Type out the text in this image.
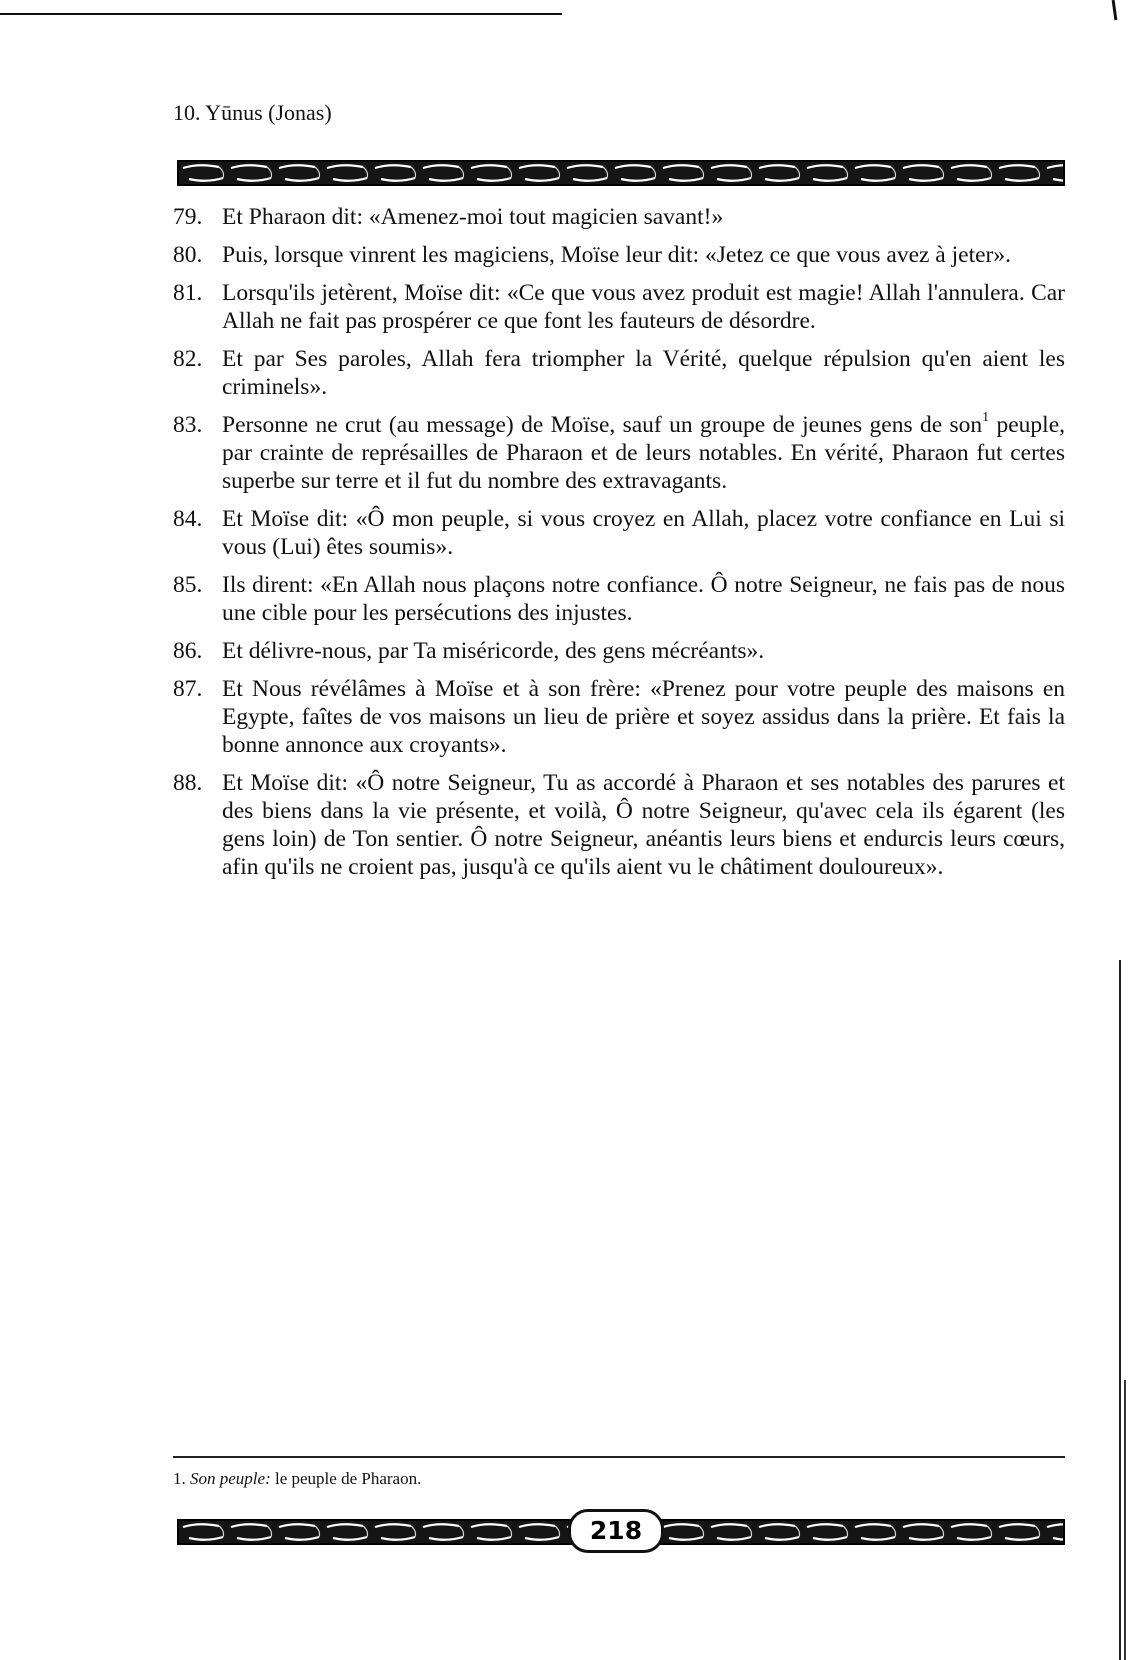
10. Yūnus (Jonas)
79. Et Pharaon dit: «Amenez-moi tout magicien savant!»
80. Puis, lorsque vinrent les magiciens, Moïse leur dit: «Jetez ce que vous avez à jeter».
81. Lorsqu'ils jetèrent, Moïse dit: «Ce que vous avez produit est magie! Allah l'annulera. Car Allah ne fait pas prospérer ce que font les fauteurs de désordre.
82. Et par Ses paroles, Allah fera triompher la Vérité, quelque répulsion qu'en aient les criminels».
83. Personne ne crut (au message) de Moïse, sauf un groupe de jeunes gens de son$^1$ peuple, par crainte de représailles de Pharaon et de leurs notables. En vérité, Pharaon fut certes superbe sur terre et il fut du nombre des extravagants.
84. Et Moïse dit: «Ô mon peuple, si vous croyez en Allah, placez votre confiance en Lui si vous (Lui) êtes soumis».
85. Ils dirent: «En Allah nous plaçons notre confiance. Ô notre Seigneur, ne fais pas de nous une cible pour les persécutions des injustes.
86. Et délivre-nous, par Ta miséricorde, des gens mécréants».
87. Et Nous révélâmes à Moïse et à son frère: «Prenez pour votre peuple des maisons en Egypte, faîtes de vos maisons un lieu de prière et soyez assidus dans la prière. Et fais la bonne annonce aux croyants».
88. Et Moïse dit: «Ô notre Seigneur, Tu as accordé à Pharaon et ses notables des parures et des biens dans la vie présente, et voilà, Ô notre Seigneur, qu'avec cela ils égarent (les gens loin) de Ton sentier. Ô notre Seigneur, anéantis leurs biens et endurcis leurs cœurs, afin qu'ils ne croient pas, jusqu'à ce qu'ils aient vu le châtiment douloureux».
1. Son peuple: le peuple de Pharaon.
218
